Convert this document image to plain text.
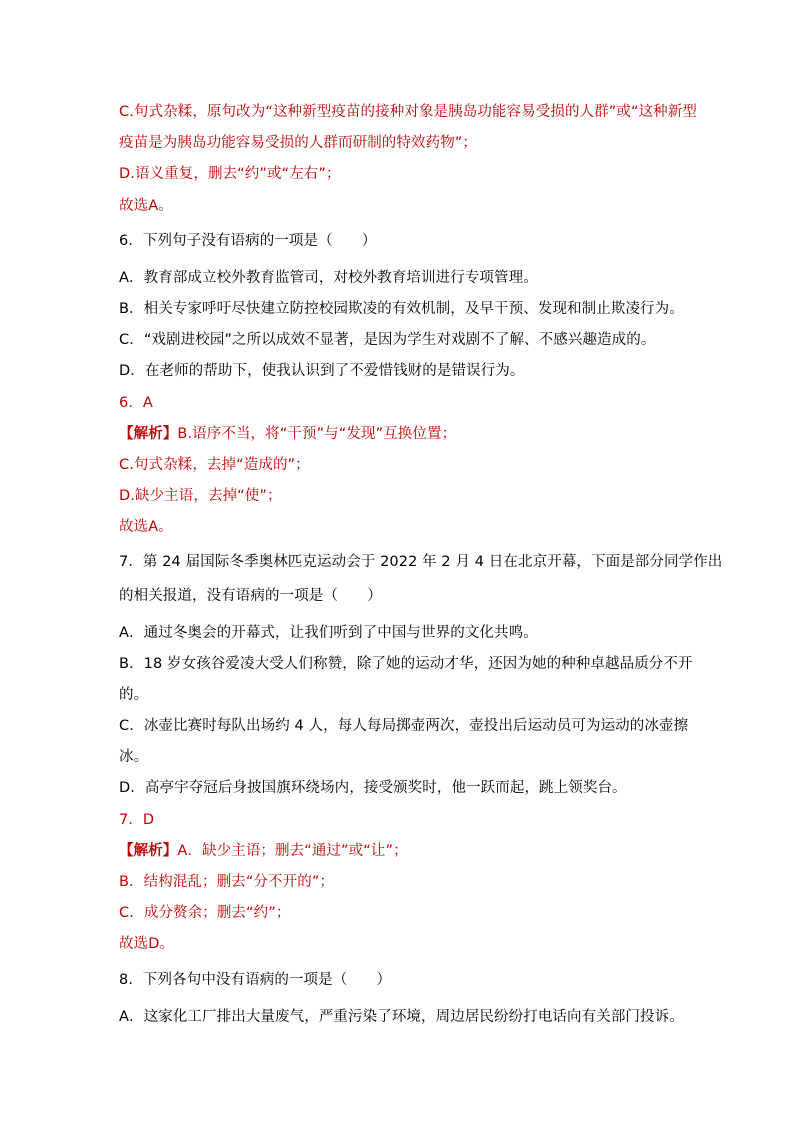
C.句式杂糅，原句改为“这种新型疫苗的接种对象是胰岛功能容易受损的人群”或“这种新型
疫苗是为胰岛功能容易受损的人群而研制的特效药物”；
D.语义重复，删去“约”或“左右”；
故选A。
6．下列句子没有语病的一项是（　　）
A．教育部成立校外教育监管司，对校外教育培训进行专项管理。
B．相关专家呼吁尽快建立防控校园欺凌的有效机制，及早干预、发现和制止欺凌行为。
C．“戏剧进校园”之所以成效不显著，是因为学生对戏剧不了解、不感兴趣造成的。
D．在老师的帮助下，使我认识到了不爱惜钱财的是错误行为。
6．A
【解析】B.语序不当，将“干预”与“发现”互换位置；
C.句式杂糅，去掉“造成的”；
D.缺少主语，去掉“使”；
故选A。
7．第 24 届国际冬季奥林匹克运动会于 2022 年 2 月 4 日在北京开幕，下面是部分同学作出
的相关报道，没有语病的一项是（　　）
A．通过冬奥会的开幕式，让我们听到了中国与世界的文化共鸣。
B．18 岁女孩谷爱凌大受人们称赞，除了她的运动才华，还因为她的种种卓越品质分不开
的。
C．冰壶比赛时每队出场约 4 人，每人每局掷壶两次，壶投出后运动员可为运动的冰壶擦
冰。
D．高亭宇夺冠后身披国旗环绕场内，接受颁奖时，他一跃而起，跳上领奖台。
7．D
【解析】A．缺少主语；删去“通过”或“让”；
B．结构混乱；删去“分不开的”；
C．成分赘余；删去“约”；
故选D。
8．下列各句中没有语病的一项是（　　）
A．这家化工厂排出大量废气，严重污染了环境，周边居民纷纷打电话向有关部门投诉。
